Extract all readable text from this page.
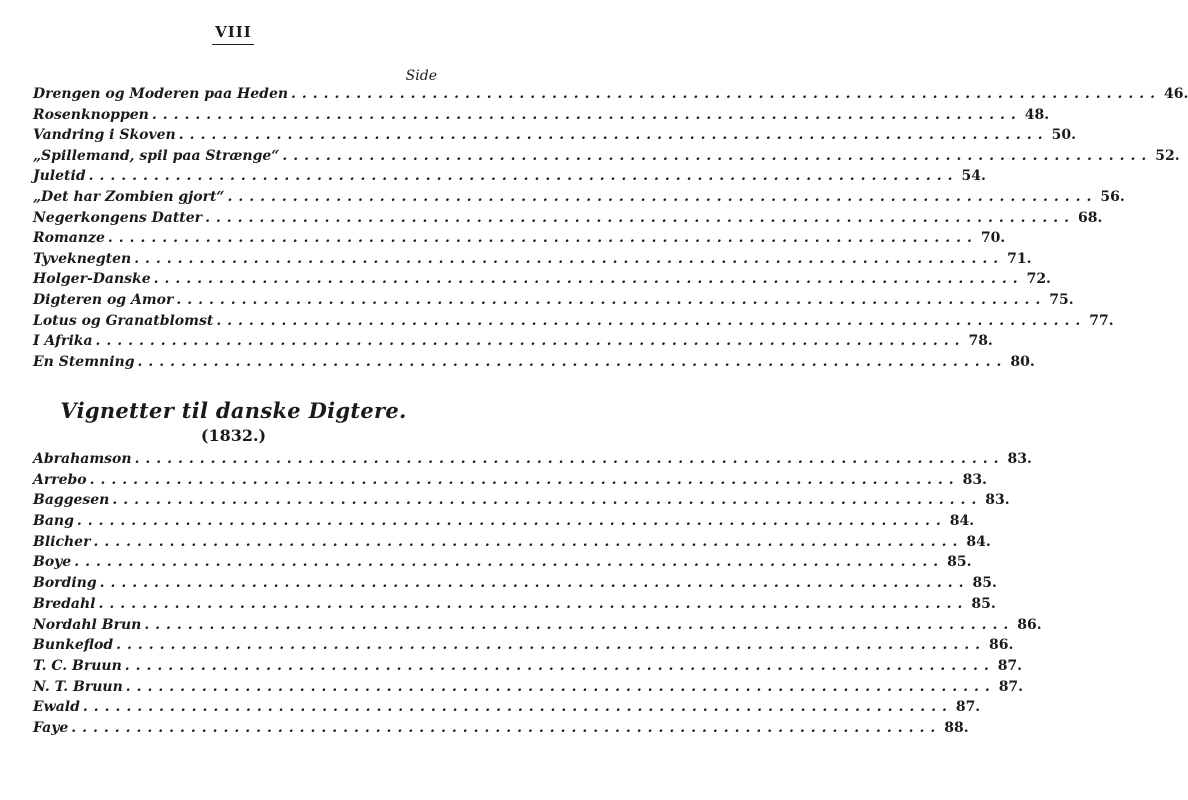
VIII
Side
Drengen og Moderen paa Heden ................................................................................ 46.
Rosenknoppen ................................................................................ 48.
Vandring i Skoven ................................................................................ 50.
„Spillemand, spil paa Strænge“ ................................................................................ 52.
Juletid ................................................................................ 54.
„Det har Zombien gjort“ ................................................................................ 56.
Negerkongens Datter ................................................................................ 68.
Romanze ................................................................................ 70.
Tyveknegten ................................................................................ 71.
Holger-Danske ................................................................................ 72.
Digteren og Amor ................................................................................ 75.
Lotus og Granatblomst ................................................................................ 77.
I Afrika ................................................................................ 78.
En Stemning ................................................................................ 80.
Vignetter til danske Digtere.
(1832.)
Abrahamson ................................................................................ 83.
Arrebo ................................................................................ 83.
Baggesen ................................................................................ 83.
Bang ................................................................................ 84.
Blicher ................................................................................ 84.
Boye ................................................................................ 85.
Bording ................................................................................ 85.
Bredahl ................................................................................ 85.
Nordahl Brun ................................................................................ 86.
Bunkeflod ................................................................................ 86.
T. C. Bruun ................................................................................ 87.
N. T. Bruun ................................................................................ 87.
Ewald ................................................................................ 87.
Faye ................................................................................ 88.
